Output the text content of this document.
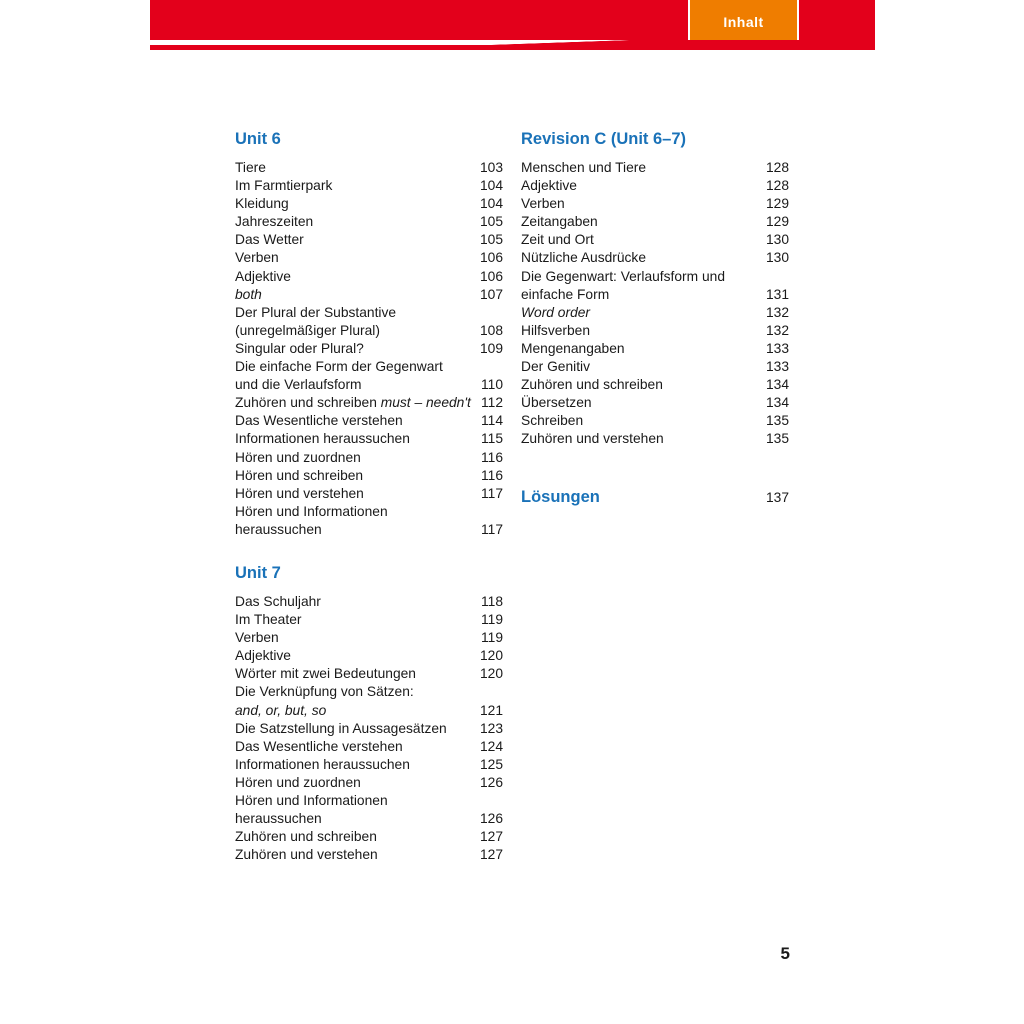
Inhalt
Unit 6
Tiere	103
Im Farmtierpark	104
Kleidung	104
Jahreszeiten	105
Das Wetter	105
Verben	106
Adjektive	106
both	107
Der Plural der Substantive
(unregelmäßiger Plural)	108
Singular oder Plural?	109
Die einfache Form der Gegenwart
und die Verlaufsform	110
Zuhören und schreiben must – needn't 112
Das Wesentliche verstehen	114
Informationen heraussuchen	115
Hören und zuordnen	116
Hören und schreiben	116
Hören und verstehen	117
Hören und Informationen
heraussuchen	117
Unit 7
Das Schuljahr	118
Im Theater	119
Verben	119
Adjektive	120
Wörter mit zwei Bedeutungen	120
Die Verknüpfung von Sätzen:
and, or, but, so	121
Die Satzstellung in Aussagesätzen	123
Das Wesentliche verstehen	124
Informationen heraussuchen	125
Hören und zuordnen	126
Hören und Informationen
heraussuchen	126
Zuhören und schreiben	127
Zuhören und verstehen	127
Revision C (Unit 6–7)
Menschen und Tiere	128
Adjektive	128
Verben	129
Zeitangaben	129
Zeit und Ort	130
Nützliche Ausdrücke	130
Die Gegenwart: Verlaufsform und
einfache Form	131
Word order	132
Hilfsverben	132
Mengenangaben	133
Der Genitiv	133
Zuhören und schreiben	134
Übersetzen	134
Schreiben	135
Zuhören und verstehen	135
Lösungen	137
5
